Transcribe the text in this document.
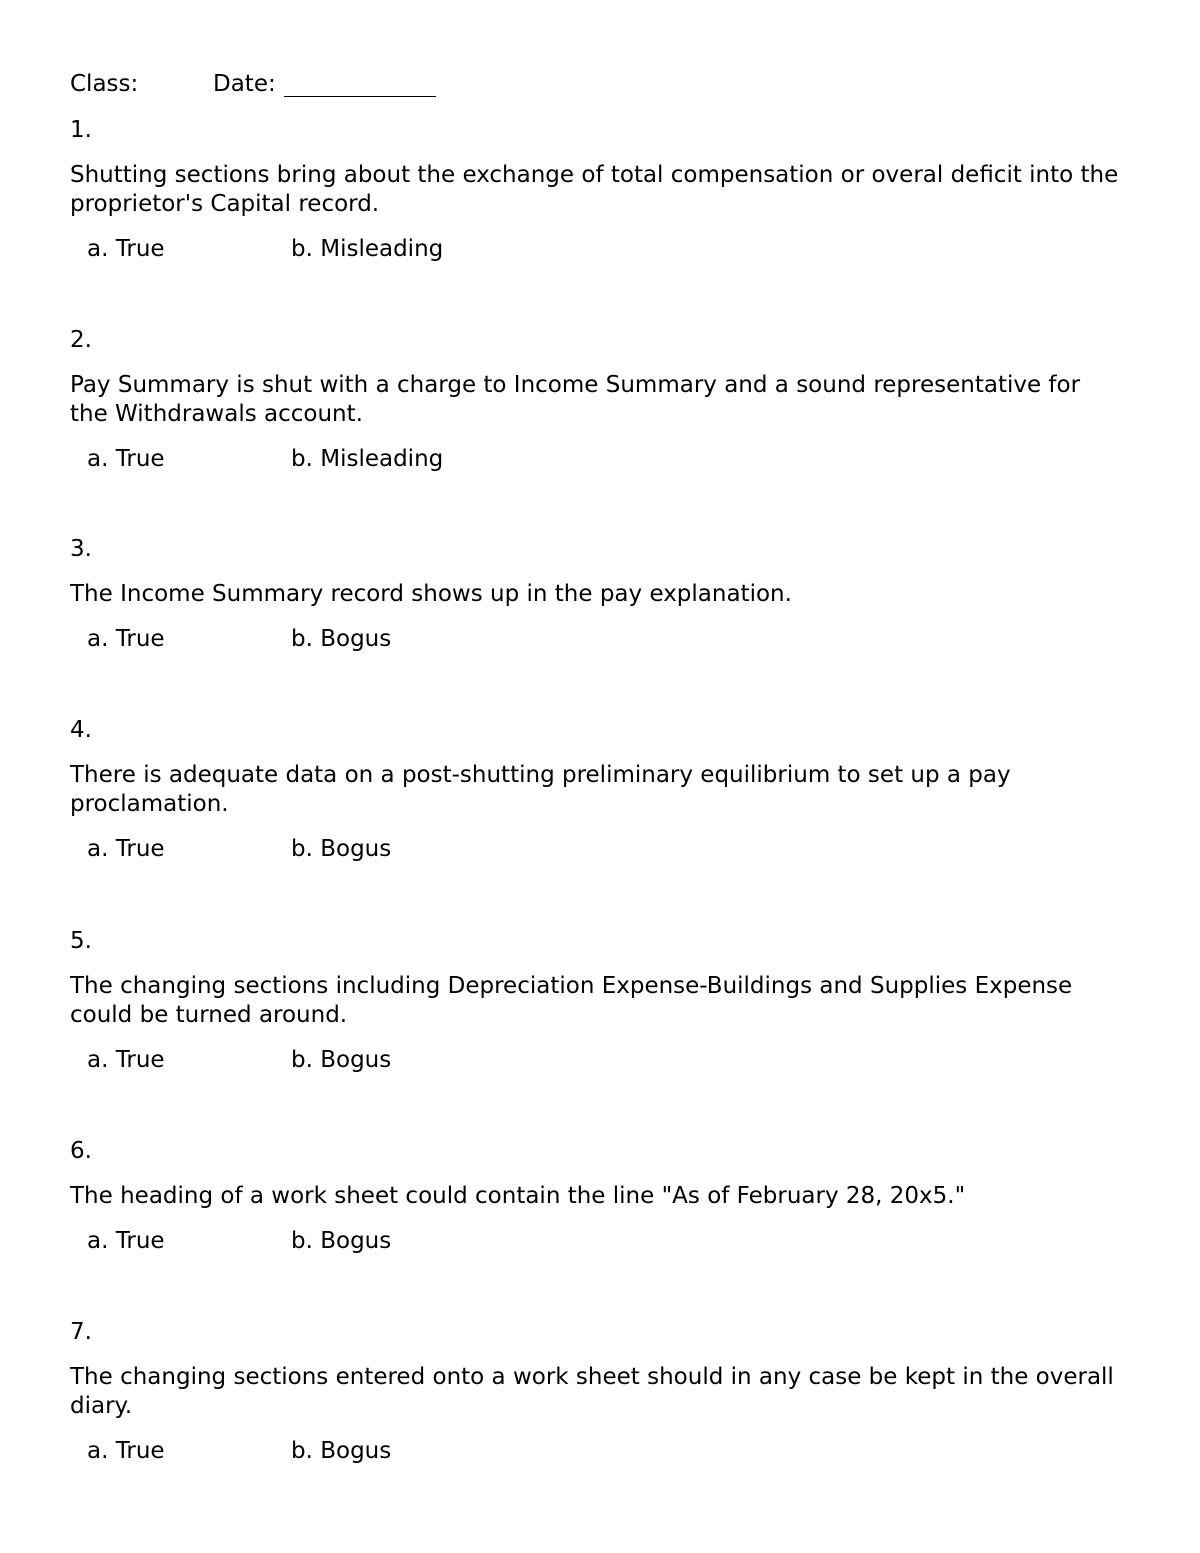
Class:	Date:
1.
Shutting sections bring about the exchange of total compensation or overal deficit into the proprietor's Capital record.
a. True	b. Misleading
2.
Pay Summary is shut with a charge to Income Summary and a sound representative for the Withdrawals account.
a. True	b. Misleading
3.
The Income Summary record shows up in the pay explanation.
a. True	b. Bogus
4.
There is adequate data on a post-shutting preliminary equilibrium to set up a pay proclamation.
a. True	b. Bogus
5.
The changing sections including Depreciation Expense-Buildings and Supplies Expense could be turned around.
a. True	b. Bogus
6.
The heading of a work sheet could contain the line "As of February 28, 20x5."
a. True	b. Bogus
7.
The changing sections entered onto a work sheet should in any case be kept in the overall diary.
a. True	b. Bogus
